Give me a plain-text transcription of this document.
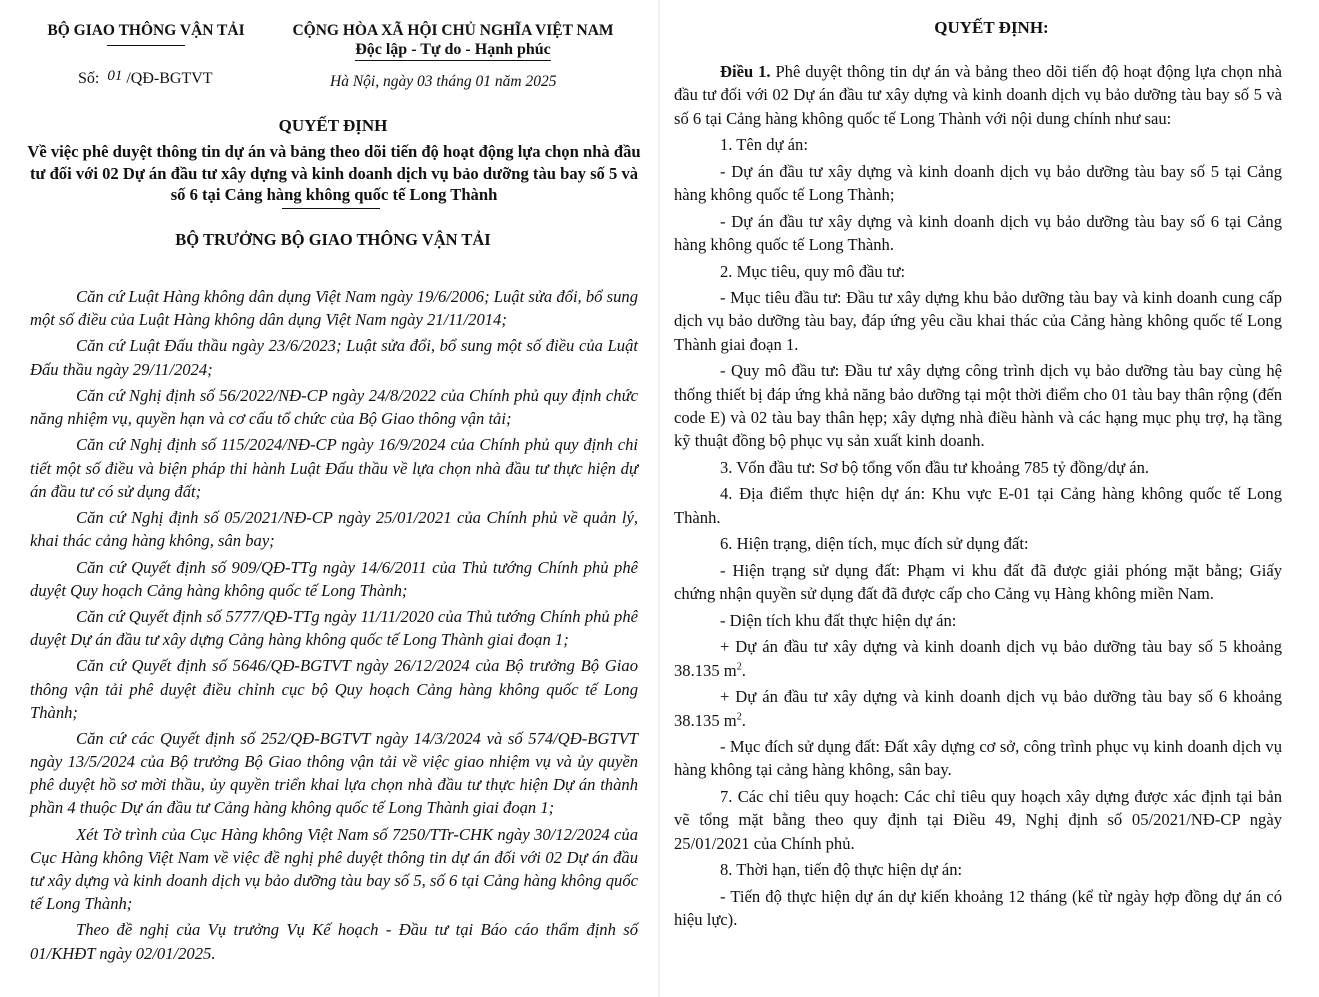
BỘ GIAO THÔNG VẬN TẢI
Số: 01 /QĐ-BGTVT
CỘNG HÒA XÃ HỘI CHỦ NGHĨA VIỆT NAM
Độc lập - Tự do - Hạnh phúc
Hà Nội, ngày 03 tháng 01 năm 2025
QUYẾT ĐỊNH
Về việc phê duyệt thông tin dự án và bảng theo dõi tiến độ hoạt động lựa chọn nhà đầu tư đối với 02 Dự án đầu tư xây dựng và kinh doanh dịch vụ bảo dưỡng tàu bay số 5 và số 6 tại Cảng hàng không quốc tế Long Thành
BỘ TRƯỞNG BỘ GIAO THÔNG VẬN TẢI

Căn cứ Luật Hàng không dân dụng Việt Nam ngày 19/6/2006; Luật sửa đổi, bổ sung một số điều của Luật Hàng không dân dụng Việt Nam ngày 21/11/2014;

Căn cứ Luật Đấu thầu ngày 23/6/2023; Luật sửa đổi, bổ sung một số điều của Luật Đấu thầu ngày 29/11/2024;

Căn cứ Nghị định số 56/2022/NĐ-CP ngày 24/8/2022 của Chính phủ quy định chức năng nhiệm vụ, quyền hạn và cơ cấu tổ chức của Bộ Giao thông vận tải;

Căn cứ Nghị định số 115/2024/NĐ-CP ngày 16/9/2024 của Chính phủ quy định chi tiết một số điều và biện pháp thi hành Luật Đấu thầu về lựa chọn nhà đầu tư thực hiện dự án đầu tư có sử dụng đất;

Căn cứ Nghị định số 05/2021/NĐ-CP ngày 25/01/2021 của Chính phủ về quản lý, khai thác cảng hàng không, sân bay;

Căn cứ Quyết định số 909/QĐ-TTg ngày 14/6/2011 của Thủ tướng Chính phủ phê duyệt Quy hoạch Cảng hàng không quốc tế Long Thành;

Căn cứ Quyết định số 5777/QĐ-TTg ngày 11/11/2020 của Thủ tướng Chính phủ phê duyệt Dự án đầu tư xây dựng Cảng hàng không quốc tế Long Thành giai đoạn 1;

Căn cứ Quyết định số 5646/QĐ-BGTVT ngày 26/12/2024 của Bộ trưởng Bộ Giao thông vận tải phê duyệt điều chỉnh cục bộ Quy hoạch Cảng hàng không quốc tế Long Thành;

Căn cứ các Quyết định số 252/QĐ-BGTVT ngày 14/3/2024 và số 574/QĐ-BGTVT ngày 13/5/2024 của Bộ trưởng Bộ Giao thông vận tải về việc giao nhiệm vụ và ủy quyền phê duyệt hồ sơ mời thầu, ủy quyền triển khai lựa chọn nhà đầu tư thực hiện Dự án thành phần 4 thuộc Dự án đầu tư Cảng hàng không quốc tế Long Thành giai đoạn 1;

Xét Tờ trình của Cục Hàng không Việt Nam số 7250/TTr-CHK ngày 30/12/2024 của Cục Hàng không Việt Nam về việc đề nghị phê duyệt thông tin dự án đối với 02 Dự án đầu tư xây dựng và kinh doanh dịch vụ bảo dưỡng tàu bay số 5, số 6 tại Cảng hàng không quốc tế Long Thành;

Theo đề nghị của Vụ trưởng Vụ Kế hoạch - Đầu tư tại Báo cáo thẩm định số 01/KHĐT ngày 02/01/2025.

QUYẾT ĐỊNH:

Điều 1. Phê duyệt thông tin dự án và bảng theo dõi tiến độ hoạt động lựa chọn nhà đầu tư đối với 02 Dự án đầu tư xây dựng và kinh doanh dịch vụ bảo dưỡng tàu bay số 5 và số 6 tại Cảng hàng không quốc tế Long Thành với nội dung chính như sau:

1. Tên dự án:

- Dự án đầu tư xây dựng và kinh doanh dịch vụ bảo dưỡng tàu bay số 5 tại Cảng hàng không quốc tế Long Thành;

- Dự án đầu tư xây dựng và kinh doanh dịch vụ bảo dưỡng tàu bay số 6 tại Cảng hàng không quốc tế Long Thành.

2. Mục tiêu, quy mô đầu tư:

- Mục tiêu đầu tư: Đầu tư xây dựng khu bảo dưỡng tàu bay và kinh doanh cung cấp dịch vụ bảo dưỡng tàu bay, đáp ứng yêu cầu khai thác của Cảng hàng không quốc tế Long Thành giai đoạn 1.

- Quy mô đầu tư: Đầu tư xây dựng công trình dịch vụ bảo dưỡng tàu bay cùng hệ thống thiết bị đáp ứng khả năng bảo dưỡng tại một thời điểm cho 01 tàu bay thân rộng (đến code E) và 02 tàu bay thân hẹp; xây dựng nhà điều hành và các hạng mục phụ trợ, hạ tầng kỹ thuật đồng bộ phục vụ sản xuất kinh doanh.

3. Vốn đầu tư: Sơ bộ tổng vốn đầu tư khoảng 785 tỷ đồng/dự án.

4. Địa điểm thực hiện dự án: Khu vực E-01 tại Cảng hàng không quốc tế Long Thành.

6. Hiện trạng, diện tích, mục đích sử dụng đất:

- Hiện trạng sử dụng đất: Phạm vi khu đất đã được giải phóng mặt bằng; Giấy chứng nhận quyền sử dụng đất đã được cấp cho Cảng vụ Hàng không miền Nam.

- Diện tích khu đất thực hiện dự án:

+ Dự án đầu tư xây dựng và kinh doanh dịch vụ bảo dưỡng tàu bay số 5 khoảng 38.135 $m^2$.

+ Dự án đầu tư xây dựng và kinh doanh dịch vụ bảo dưỡng tàu bay số 6 khoảng 38.135 $m^2$.

- Mục đích sử dụng đất: Đất xây dựng cơ sở, công trình phục vụ kinh doanh dịch vụ hàng không tại cảng hàng không, sân bay.

7. Các chỉ tiêu quy hoạch: Các chỉ tiêu quy hoạch xây dựng được xác định tại bản vẽ tổng mặt bằng theo quy định tại Điều 49, Nghị định số 05/2021/NĐ-CP ngày 25/01/2021 của Chính phủ.

8. Thời hạn, tiến độ thực hiện dự án:

- Tiến độ thực hiện dự án dự kiến khoảng 12 tháng (kể từ ngày hợp đồng dự án có hiệu lực).
